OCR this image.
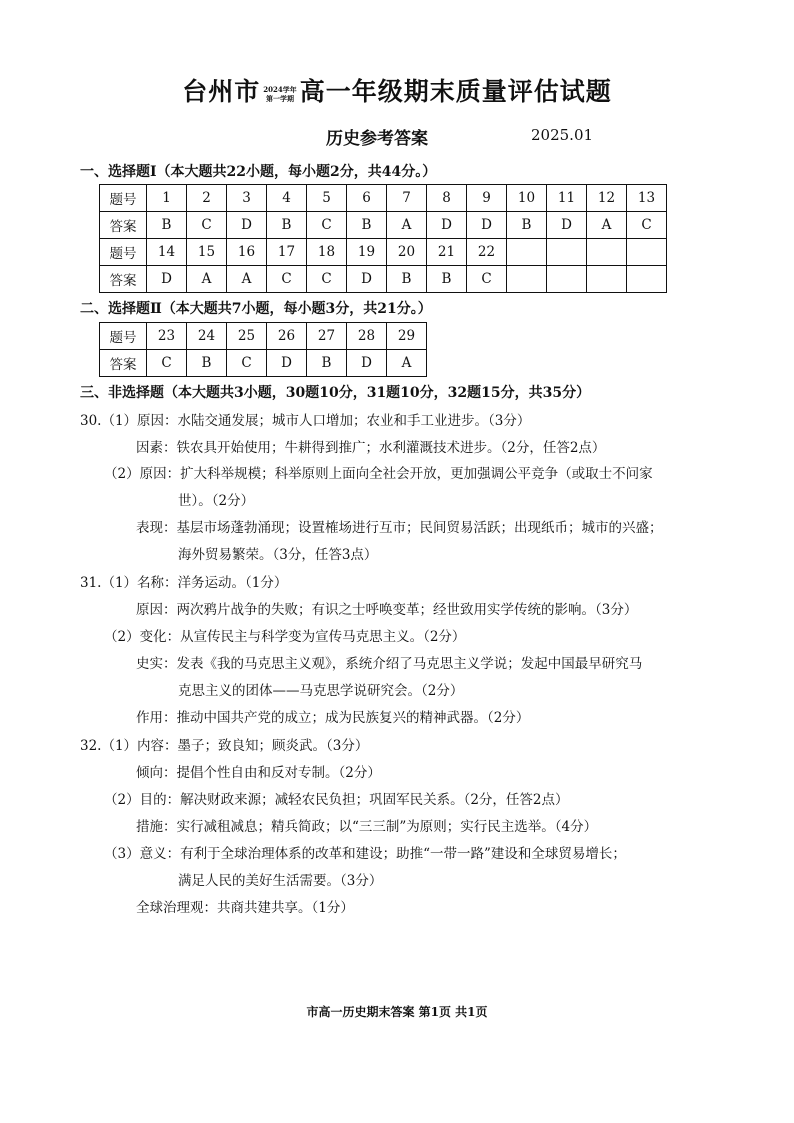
台州市 2024学年
第一学期 高一年级期末质量评估试题
历史参考答案	2025.01
一、选择题Ⅰ（本大题共22小题，每小题2分，共44分。）
题号	1	2	3	4	5	6	7	8	9	10	11	12	13
答案	B	C	D	B	C	B	A	D	D	B	D	A	C
题号	14	15	16	17	18	19	20	21	22				
答案	D	A	A	C	C	D	B	B	C				
二、选择题Ⅱ（本大题共7小题，每小题3分，共21分。）
题号	23	24	25	26	27	28	29
答案	C	B	C	D	B	D	A
三、非选择题（本大题共3小题，30题10分，31题10分，32题15分，共35分）
30.（1）原因：水陆交通发展；城市人口增加；农业和手工业进步。（3分）
因素：铁农具开始使用；牛耕得到推广；水利灌溉技术进步。（2分，任答2点）
（2）原因：扩大科举规模；科举原则上面向全社会开放，更加强调公平竞争（或取士不问家
世）。（2分）
表现：基层市场蓬勃涌现；设置榷场进行互市；民间贸易活跃；出现纸币；城市的兴盛；
海外贸易繁荣。（3分，任答3点）
31.（1）名称：洋务运动。（1分）
原因：两次鸦片战争的失败；有识之士呼唤变革；经世致用实学传统的影响。（3分）
（2）变化：从宣传民主与科学变为宣传马克思主义。（2分）
史实：发表《我的马克思主义观》，系统介绍了马克思主义学说；发起中国最早研究马
克思主义的团体——马克思学说研究会。（2分）
作用：推动中国共产党的成立；成为民族复兴的精神武器。（2分）
32.（1）内容：墨子；致良知；顾炎武。（3分）
倾向：提倡个性自由和反对专制。（2分）
（2）目的：解决财政来源；减轻农民负担；巩固军民关系。（2分，任答2点）
措施：实行减租减息；精兵简政；以“三三制”为原则；实行民主选举。（4分）
（3）意义：有利于全球治理体系的改革和建设；助推“一带一路”建设和全球贸易增长；
满足人民的美好生活需要。（3分）
全球治理观：共商共建共享。（1分）
市高一历史期末答案 第1页 共1页
